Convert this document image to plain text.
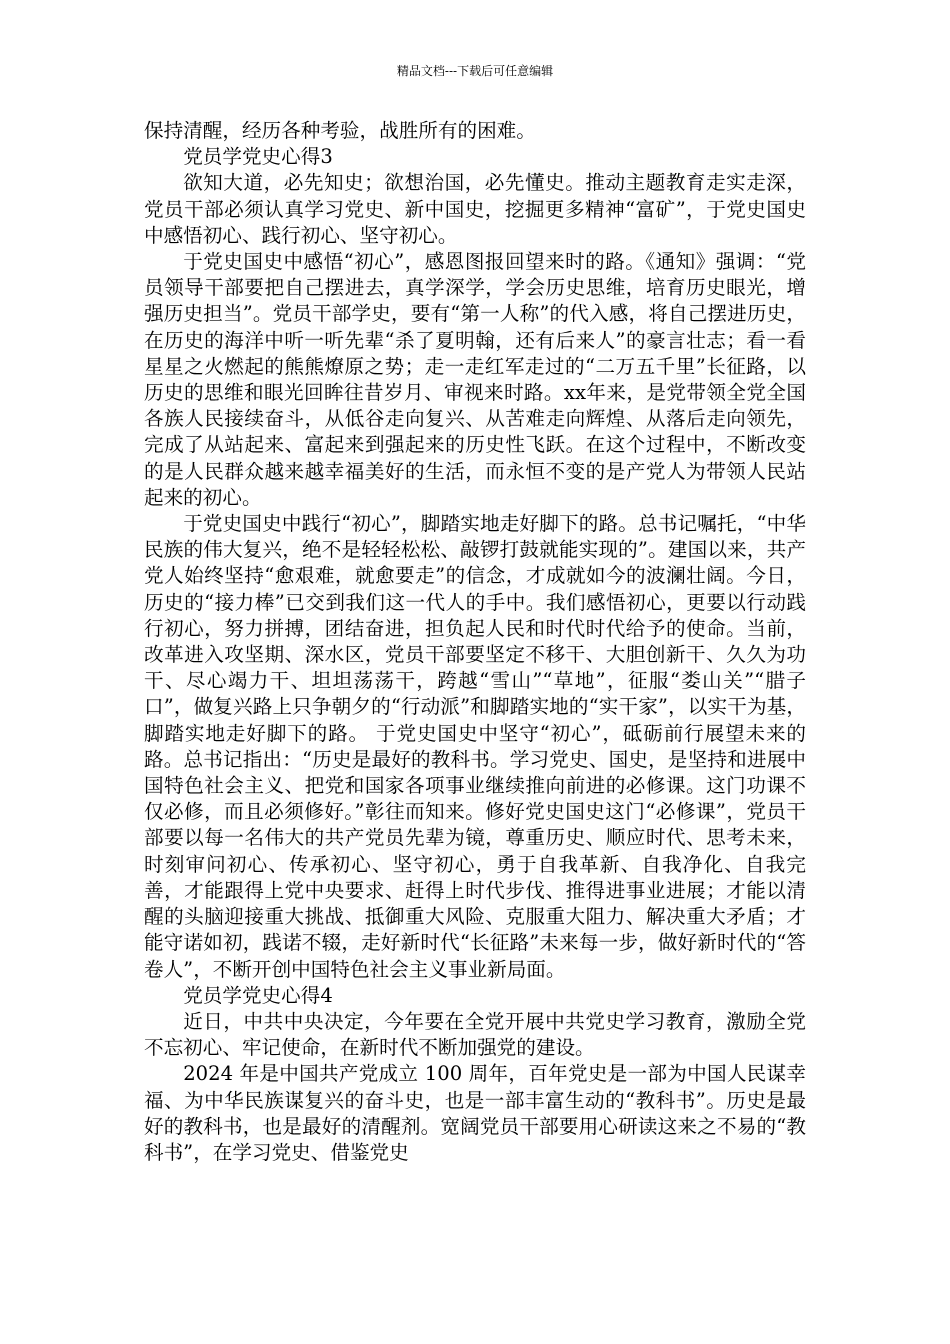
精品文档---下载后可任意编辑

保持清醒，经历各种考验，战胜所有的困难。

党员学党史心得3

欲知大道，必先知史；欲想治国，必先懂史。推动主题教育走实走深，党员干部必须认真学习党史、新中国史，挖掘更多精神“富矿”，于党史国史中感悟初心、践行初心、坚守初心。

于党史国史中感悟“初心”，感恩图报回望来时的路。《通知》强调：“党员领导干部要把自己摆进去，真学深学，学会历史思维，培育历史眼光，增强历史担当”。党员干部学史，要有“第一人称”的代入感，将自己摆进历史，在历史的海洋中听一听先辈“杀了夏明翰，还有后来人”的豪言壮志；看一看星星之火燃起的熊熊燎原之势；走一走红军走过的“二万五千里”长征路，以历史的思维和眼光回眸往昔岁月、审视来时路。xx年来，是党带领全党全国各族人民接续奋斗，从低谷走向复兴、从苦难走向辉煌、从落后走向领先，完成了从站起来、富起来到强起来的历史性飞跃。在这个过程中，不断改变的是人民群众越来越幸福美好的生活，而永恒不变的是产党人为带领人民站起来的初心。

于党史国史中践行“初心”，脚踏实地走好脚下的路。总书记嘱托，“中华民族的伟大复兴，绝不是轻轻松松、敲锣打鼓就能实现的”。建国以来，共产党人始终坚持“愈艰难，就愈要走”的信念，才成就如今的波澜壮阔。今日，历史的“接力棒”已交到我们这一代人的手中。我们感悟初心，更要以行动践行初心，努力拼搏，团结奋进，担负起人民和时代时代给予的使命。当前，改革进入攻坚期、深水区，党员干部要坚定不移干、大胆创新干、久久为功干、尽心竭力干、坦坦荡荡干，跨越“雪山”“草地”，征服“娄山关”“腊子口”，做复兴路上只争朝夕的“行动派”和脚踏实地的“实干家”，以实干为基，脚踏实地走好脚下的路。 于党史国史中坚守“初心”，砥砺前行展望未来的路。总书记指出：“历史是最好的教科书。学习党史、国史，是坚持和进展中国特色社会主义、把党和国家各项事业继续推向前进的必修课。这门功课不仅必修，而且必须修好。”彰往而知来。修好党史国史这门“必修课”，党员干部要以每一名伟大的共产党员先辈为镜，尊重历史、顺应时代、思考未来，时刻审问初心、传承初心、坚守初心，勇于自我革新、自我净化、自我完善，才能跟得上党中央要求、赶得上时代步伐、推得进事业进展；才能以清醒的头脑迎接重大挑战、抵御重大风险、克服重大阻力、解决重大矛盾；才能守诺如初，践诺不辍，走好新时代“长征路”未来每一步，做好新时代的“答卷人”，不断开创中国特色社会主义事业新局面。

党员学党史心得4

近日，中共中央决定，今年要在全党开展中共党史学习教育，激励全党不忘初心、牢记使命，在新时代不断加强党的建设。

2024 年是中国共产党成立 100 周年，百年党史是一部为中国人民谋幸福、为中华民族谋复兴的奋斗史，也是一部丰富生动的“教科书”。历史是最好的教科书，也是最好的清醒剂。宽阔党员干部要用心研读这来之不易的“教科书”，在学习党史、借鉴党史
